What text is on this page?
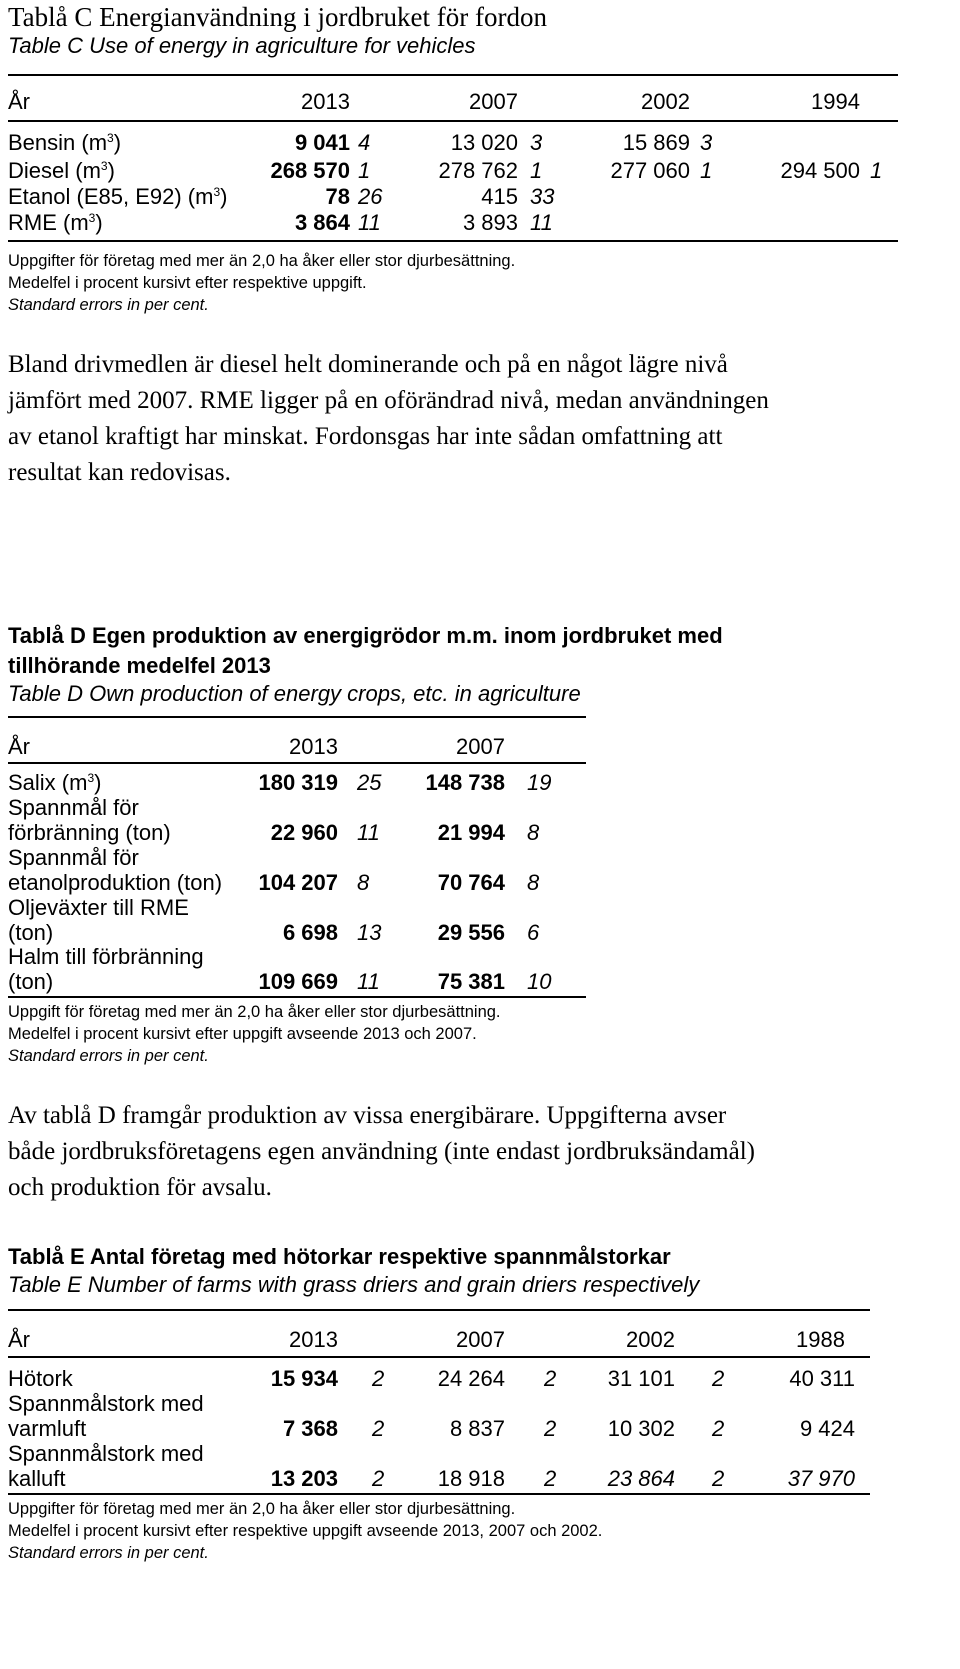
Tablå C Energianvändning i jordbruket för fordon
Table C Use of energy in agriculture for vehicles
År	2013	2007	2002	1994
Bensin $(m^3)$	9 041 4	13 020 3	15 869 3
Diesel $(m^3)$	268 570 1	278 762 1	277 060 1	294 500 1
Etanol (E85, E92) $(m^3)$	78 26	415 33
RME $(m^3)$	3 864 11	3 893 11
Uppgifter för företag med mer än 2,0 ha åker eller stor djurbesättning.
Medelfel i procent kursivt efter respektive uppgift.
Standard errors in per cent.
Bland drivmedlen är diesel helt dominerande och på en något lägre nivå
jämfört med 2007. RME ligger på en oförändrad nivå, medan användningen
av etanol kraftigt har minskat. Fordonsgas har inte sådan omfattning att
resultat kan redovisas.
Tablå D Egen produktion av energigrödor m.m. inom jordbruket med
tillhörande medelfel 2013
Table D Own production of energy crops, etc. in agriculture
År	2013	2007
Salix $(m^3)$	180 319 25	148 738 19
Spannmål för
förbränning (ton)	22 960 11	21 994 8
Spannmål för
etanolproduktion (ton)	104 207 8	70 764 8
Oljeväxter till RME
(ton)	6 698 13	29 556 6
Halm till förbränning
(ton)	109 669 11	75 381 10
Uppgift för företag med mer än 2,0 ha åker eller stor djurbesättning.
Medelfel i procent kursivt efter uppgift avseende 2013 och 2007.
Standard errors in per cent.
Av tablå D framgår produktion av vissa energibärare. Uppgifterna avser
både jordbruksföretagens egen användning (inte endast jordbruksändamål)
och produktion för avsalu.
Tablå E Antal företag med hötorkar respektive spannmålstorkar
Table E Number of farms with grass driers and grain driers respectively
År	2013	2007	2002	1988
Hötork	15 934 2	24 264 2	31 101 2	40 311
Spannmålstork med
varmluft	7 368 2	8 837 2	10 302 2	9 424
Spannmålstork med
kalluft	13 203 2	18 918 2	23 864 2	37 970
Uppgifter för företag med mer än 2,0 ha åker eller stor djurbesättning.
Medelfel i procent kursivt efter respektive uppgift avseende 2013, 2007 och 2002.
Standard errors in per cent.
